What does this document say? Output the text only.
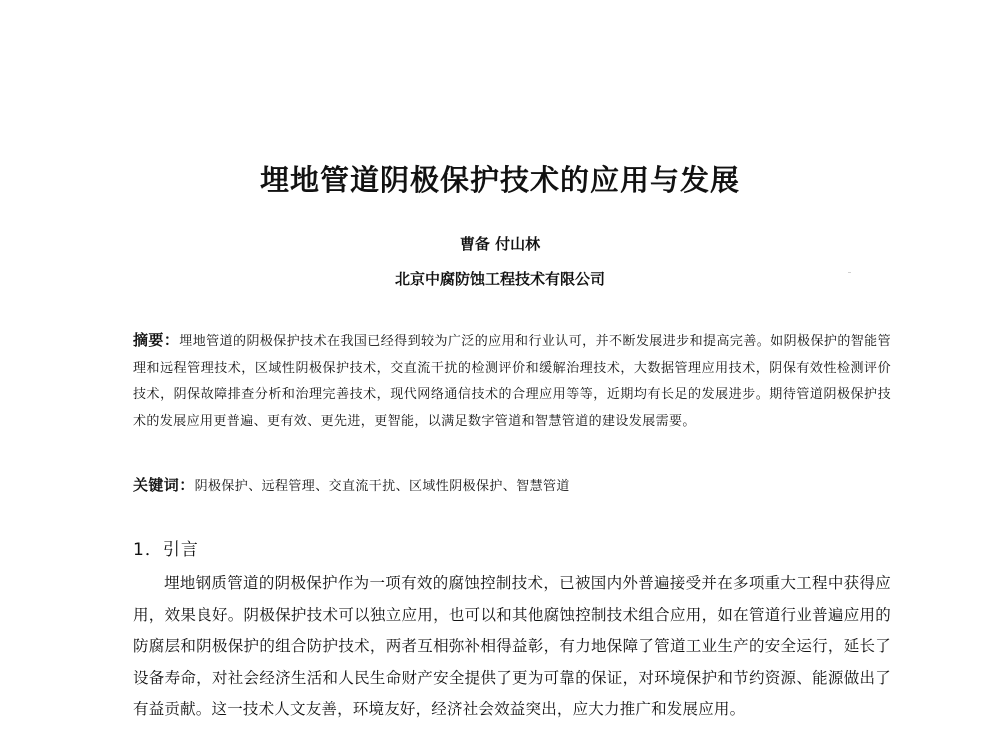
埋地管道阴极保护技术的应用与发展
曹备 付山林
北京中腐防蚀工程技术有限公司
摘要：埋地管道的阴极保护技术在我国已经得到较为广泛的应用和行业认可，并不断发展进步和提高完善。如阴极保护的智能管理和远程管理技术，区域性阴极保护技术，交直流干扰的检测评价和缓解治理技术，大数据管理应用技术，阴保有效性检测评价技术，阴保故障排查分析和治理完善技术，现代网络通信技术的合理应用等等，近期均有长足的发展进步。期待管道阴极保护技术的发展应用更普遍、更有效、更先进，更智能，以满足数字管道和智慧管道的建设发展需要。
关键词：阴极保护、远程管理、交直流干扰、区域性阴极保护、智慧管道
1．引言
埋地钢质管道的阴极保护作为一项有效的腐蚀控制技术，已被国内外普遍接受并在多项重大工程中获得应用，效果良好。阴极保护技术可以独立应用，也可以和其他腐蚀控制技术组合应用，如在管道行业普遍应用的防腐层和阴极保护的组合防护技术，两者互相弥补相得益彰，有力地保障了管道工业生产的安全运行，延长了设备寿命，对社会经济生活和人民生命财产安全提供了更为可靠的保证，对环境保护和节约资源、能源做出了有益贡献。这一技术人文友善，环境友好，经济社会效益突出，应大力推广和发展应用。
